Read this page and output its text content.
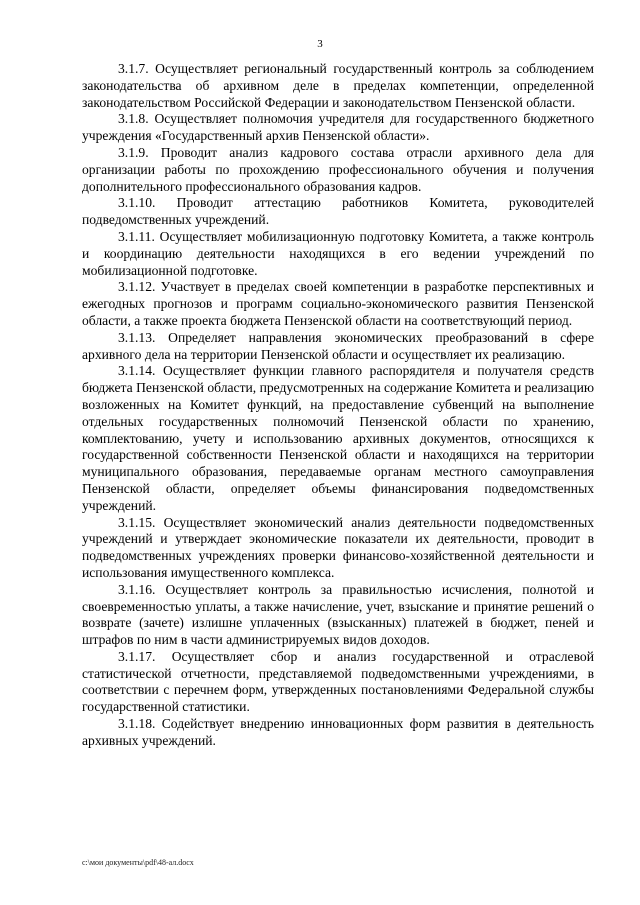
3

3.1.7. Осуществляет региональный государственный контроль за соблюдением законодательства об архивном деле в пределах компетенции, определенной законодательством Российской Федерации и законодательством Пензенской области.

3.1.8. Осуществляет полномочия учредителя для государственного бюджетного учреждения «Государственный архив Пензенской области».

3.1.9. Проводит анализ кадрового состава отрасли архивного дела для организации работы по прохождению профессионального обучения и получения дополнительного профессионального образования кадров.

3.1.10. Проводит аттестацию работников Комитета, руководителей подведомственных учреждений.

3.1.11. Осуществляет мобилизационную подготовку Комитета, а также контроль и координацию деятельности находящихся в его ведении учреждений по мобилизационной подготовке.

3.1.12. Участвует в пределах своей компетенции в разработке перспективных и ежегодных прогнозов и программ социально-экономического развития Пензенской области, а также проекта бюджета Пензенской области на соответствующий период.

3.1.13. Определяет направления экономических преобразований в сфере архивного дела на территории Пензенской области и осуществляет их реализацию.

3.1.14. Осуществляет функции главного распорядителя и получателя средств бюджета Пензенской области, предусмотренных на содержание Комитета и реализацию возложенных на Комитет функций, на предоставление субвенций на выполнение отдельных государственных полномочий Пензенской области по хранению, комплектованию, учету и использованию архивных документов, относящихся к государственной собственности Пензенской области и находящихся на территории муниципального образования, передаваемые органам местного самоуправления Пензенской области, определяет объемы финансирования подведомственных учреждений.

3.1.15. Осуществляет экономический анализ деятельности подведомственных учреждений и утверждает экономические показатели их деятельности, проводит в подведомственных учреждениях проверки финансово-хозяйственной деятельности и использования имущественного комплекса.

3.1.16. Осуществляет контроль за правильностью исчисления, полнотой и своевременностью уплаты, а также начисление, учет, взыскание и принятие решений о возврате (зачете) излишне уплаченных (взысканных) платежей в бюджет, пеней и штрафов по ним в части администрируемых видов доходов.

3.1.17. Осуществляет сбор и анализ государственной и отраслевой статистической отчетности, представляемой подведомственными учреждениями, в соответствии с перечнем форм, утвержденных постановлениями Федеральной службы государственной статистики.

3.1.18. Содействует внедрению инновационных форм развития в деятельность архивных учреждений.

c:\мои документы\pdf\48-ал.docx
